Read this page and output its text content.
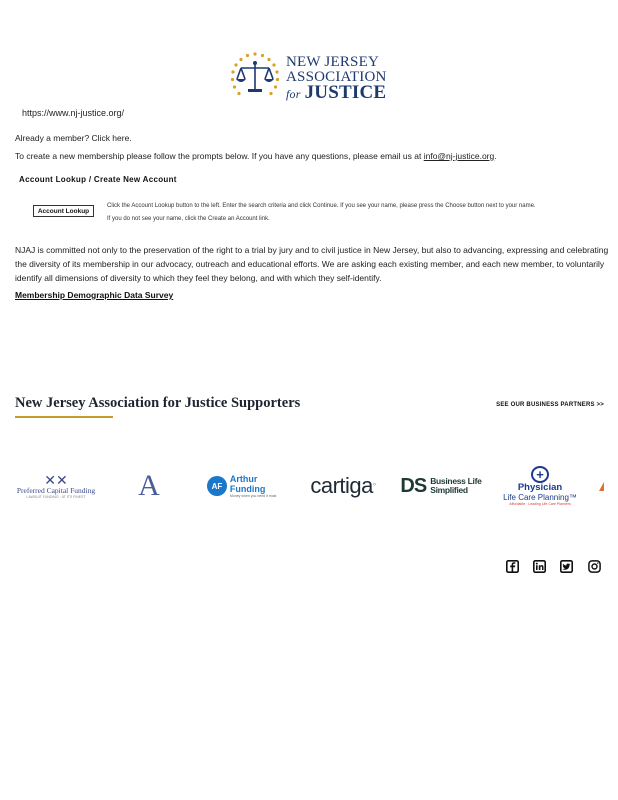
NEW JERSEY
ASSOCIATION
for JUSTICE
https://www.nj-justice.org/
Already a member? Click here.
To create a new membership please follow the prompts below. If you have any questions, please email us at info@nj-justice.org.
Account Lookup / Create New Account
Account Lookup
Click the Account Lookup button to the left. Enter the search criteria and click Continue. If you see your name, please press the Choose button next to your name.
If you do not see your name, click the Create an Account link.

NJAJ is committed not only to the preservation of the right to a trial by jury and to civil justice in New Jersey, but also to advancing, expressing and celebrating the diversity of its membership in our advocacy, outreach and educational efforts. We are asking each existing member, and each new member, to voluntarily identify all dimensions of diversity to which they feel they belong, and with which they self-identify.

Membership Demographic Data Survey
New Jersey Association for Justice Supporters	SEE OUR BUSINESS PARTNERS >>
✕✕
Preferred Capital Funding
LAWSUIT FUNDING · AT ITS FINEST A	AF
Arthur Funding
Money when you need it most	cartiga ° DS Business Life
Simplified
+
Physician
Life Care Planning™
Affordable · Leading Life Care Planners
